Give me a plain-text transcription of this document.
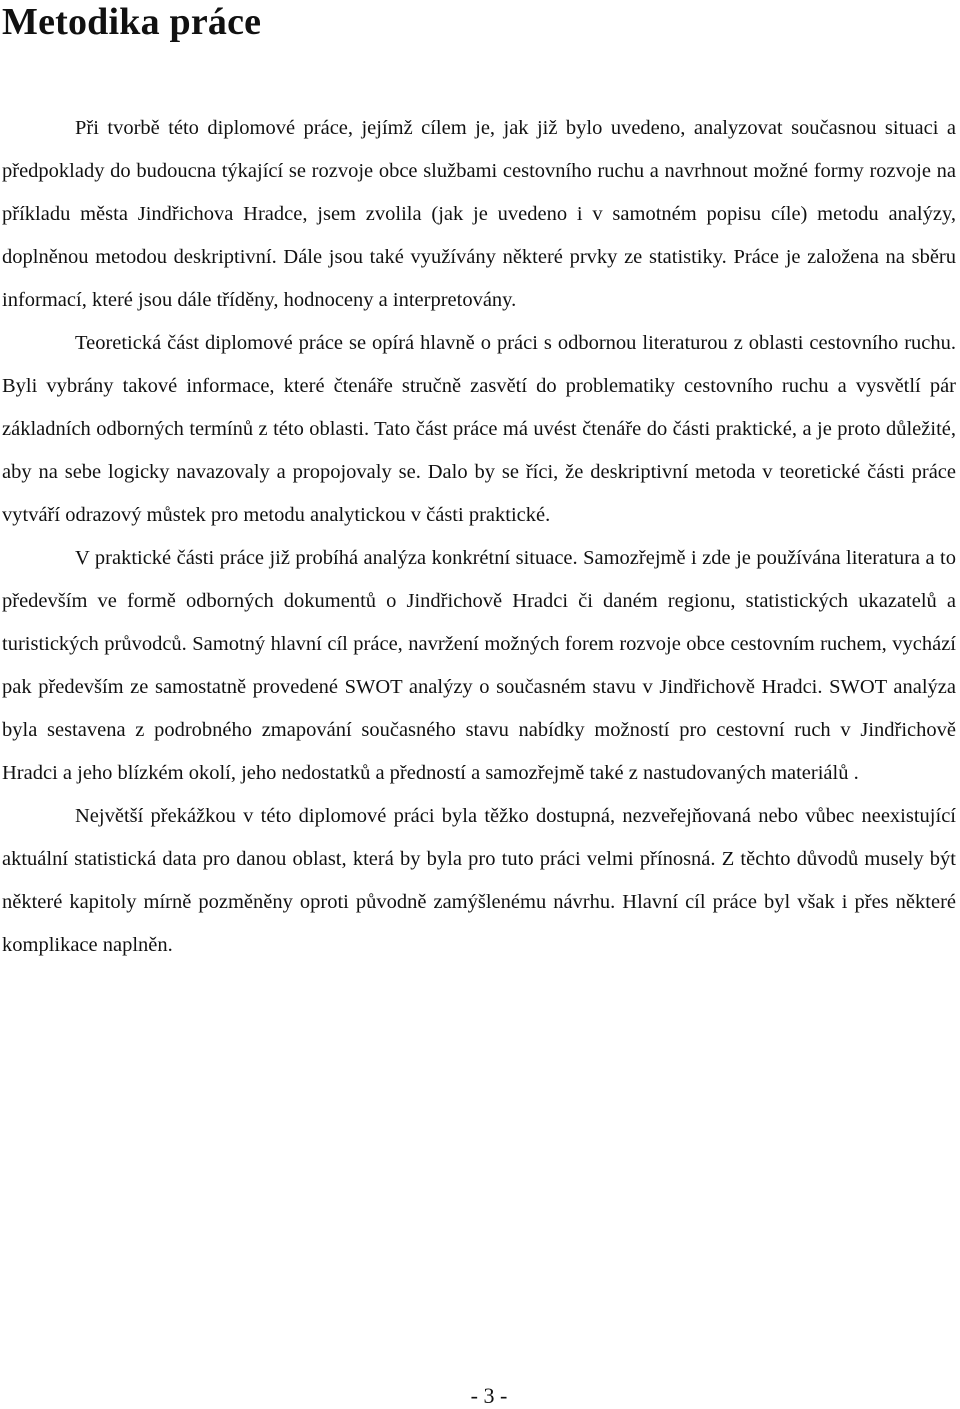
Metodika práce

Při tvorbě této diplomové práce, jejímž cílem je, jak již bylo uvedeno, analyzovat současnou situaci a předpoklady do budoucna týkající se rozvoje obce službami cestovního ruchu a navrhnout možné formy rozvoje na příkladu města Jindřichova Hradce, jsem zvolila (jak je uvedeno i v samotném popisu cíle) metodu analýzy, doplněnou metodou deskriptivní. Dále jsou také využívány některé prvky ze statistiky. Práce je založena na sběru informací, které jsou dále tříděny, hodnoceny a interpretovány.

Teoretická část diplomové práce se opírá hlavně o práci s odbornou literaturou z oblasti cestovního ruchu. Byli vybrány takové informace, které čtenáře stručně zasvětí do problematiky cestovního ruchu a vysvětlí pár základních odborných termínů z této oblasti. Tato část práce má uvést čtenáře do části praktické, a je proto důležité, aby na sebe logicky navazovaly a propojovaly se. Dalo by se říci, že deskriptivní metoda v teoretické části práce vytváří odrazový můstek pro metodu analytickou v části praktické.

V praktické části práce již probíhá analýza konkrétní situace. Samozřejmě i zde je používána literatura a to především ve formě odborných dokumentů o Jindřichově Hradci či daném regionu, statistických ukazatelů a turistických průvodců. Samotný hlavní cíl práce, navržení možných forem rozvoje obce cestovním ruchem, vychází pak především ze samostatně provedené SWOT analýzy o současném stavu v Jindřichově Hradci. SWOT analýza byla sestavena z podrobného zmapování současného stavu nabídky možností pro cestovní ruch v Jindřichově Hradci a jeho blízkém okolí, jeho nedostatků a předností a samozřejmě také z nastudovaných materiálů .

Největší překážkou v této diplomové práci byla těžko dostupná, nezveřejňovaná nebo vůbec neexistující aktuální statistická data pro danou oblast, která by byla pro tuto práci velmi přínosná. Z těchto důvodů musely být některé kapitoly mírně pozměněny oproti původně zamýšlenému návrhu. Hlavní cíl práce byl však i přes některé komplikace naplněn.

- 3 -
